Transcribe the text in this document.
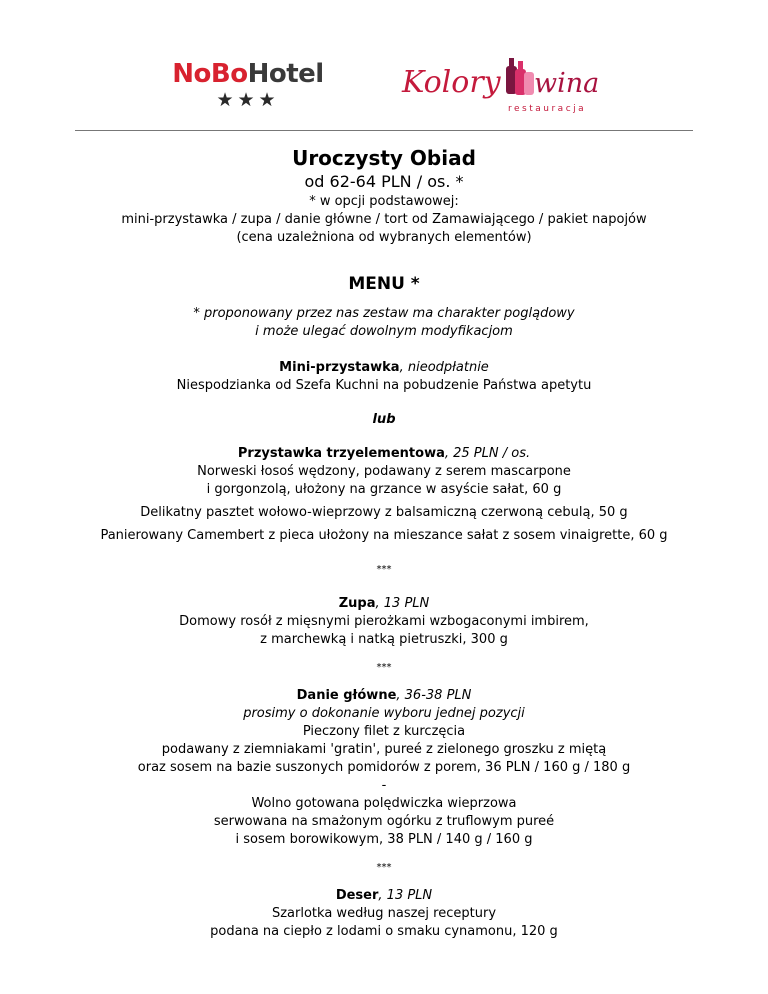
NoBoHotel
★★★	Kolory wina
restauracja
Uroczysty Obiad
od 62-64 PLN / os. *
* w opcji podstawowej:
mini-przystawka / zupa / danie główne / tort od Zamawiającego / pakiet napojów
(cena uzależniona od wybranych elementów)
MENU *
* proponowany przez nas zestaw ma charakter poglądowy
i może ulegać dowolnym modyfikacjom
Mini-przystawka, nieodpłatnie
Niespodzianka od Szefa Kuchni na pobudzenie Państwa apetytu
lub
Przystawka trzyelementowa, 25 PLN / os.
Norweski łosoś wędzony, podawany z serem mascarpone
i gorgonzolą, ułożony na grzance w asyście sałat, 60 g
Delikatny pasztet wołowo-wieprzowy z balsamiczną czerwoną cebulą, 50 g
Panierowany Camembert z pieca ułożony na mieszance sałat z sosem vinaigrette, 60 g
***
Zupa, 13 PLN
Domowy rosół z mięsnymi pierożkami wzbogaconymi imbirem,
z marchewką i natką pietruszki, 300 g
***
Danie główne, 36-38 PLN
prosimy o dokonanie wyboru jednej pozycji
Pieczony filet z kurczęcia
podawany z ziemniakami 'gratin', pureé z zielonego groszku z miętą
oraz sosem na bazie suszonych pomidorów z porem, 36 PLN / 160 g / 180 g
-
Wolno gotowana polędwiczka wieprzowa
serwowana na smażonym ogórku z truflowym pureé
i sosem borowikowym, 38 PLN / 140 g / 160 g
***
Deser, 13 PLN
Szarlotka według naszej receptury
podana na ciepło z lodami o smaku cynamonu, 120 g
